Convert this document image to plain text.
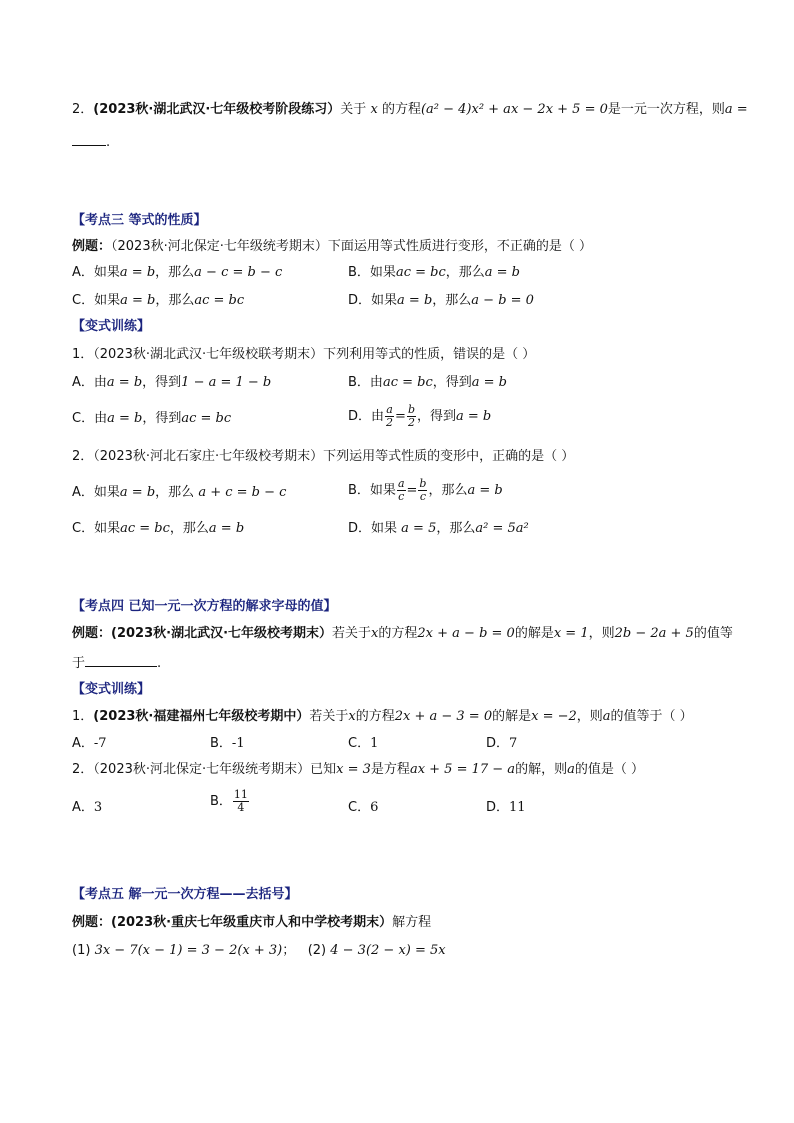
2．(2023秋·湖北武汉·七年级校考阶段练习）关于 x 的方程(a² − 4)x² + ax − 2x + 5 = 0是一元一次方程，则a =
.
【考点三 等式的性质】
例题：（2023秋·河北保定·七年级统考期末）下面运用等式性质进行变形，不正确的是（ ）
A．如果a = b，那么a − c = b − c	B．如果ac = bc，那么a = b
C．如果a = b，那么ac = bc	D．如果a = b，那么a − b = 0
【变式训练】
1．（2023秋·湖北武汉·七年级校联考期末）下列利用等式的性质，错误的是（ ）
A．由a = b，得到1 − a = 1 − b	B．由ac = bc，得到a = b
C．由a = b，得到ac = bc	D．由 $\frac{a}{2} = \frac{b}{2}$ ，得到a = b
2．（2023秋·河北石家庄·七年级校考期末）下列运用等式性质的变形中，正确的是（ ）
A．如果a = b，那么 a + c = b − c	B．如果 $\frac{a}{c} = \frac{b}{c}$ ，那么a = b
C．如果ac = bc，那么a = b	D．如果 a = 5，那么a² = 5a²
【考点四 已知一元一次方程的解求字母的值】
例题：(2023秋·湖北武汉·七年级校考期末）若关于x的方程2x + a − b = 0的解是x = 1，则2b − 2a + 5的值等
于	.
【变式训练】
1．(2023秋·福建福州七年级校考期中）若关于x的方程2x + a − 3 = 0的解是x = −2，则a的值等于（ ）
A．-7	B．-1	C．1	D．7
2．（2023秋·河北保定·七年级统考期末）已知x = 3是方程ax + 5 = 17 − a的解，则a的值是（ ）
A．3	B． $\frac{11}{4}$	C．6	D．11
【考点五 解一元一次方程——去括号】
例题：(2023秋·重庆七年级重庆市人和中学校考期末）解方程
(1) 3x − 7(x − 1) = 3 − 2(x + 3)； (2) 4 − 3(2 − x) = 5x
